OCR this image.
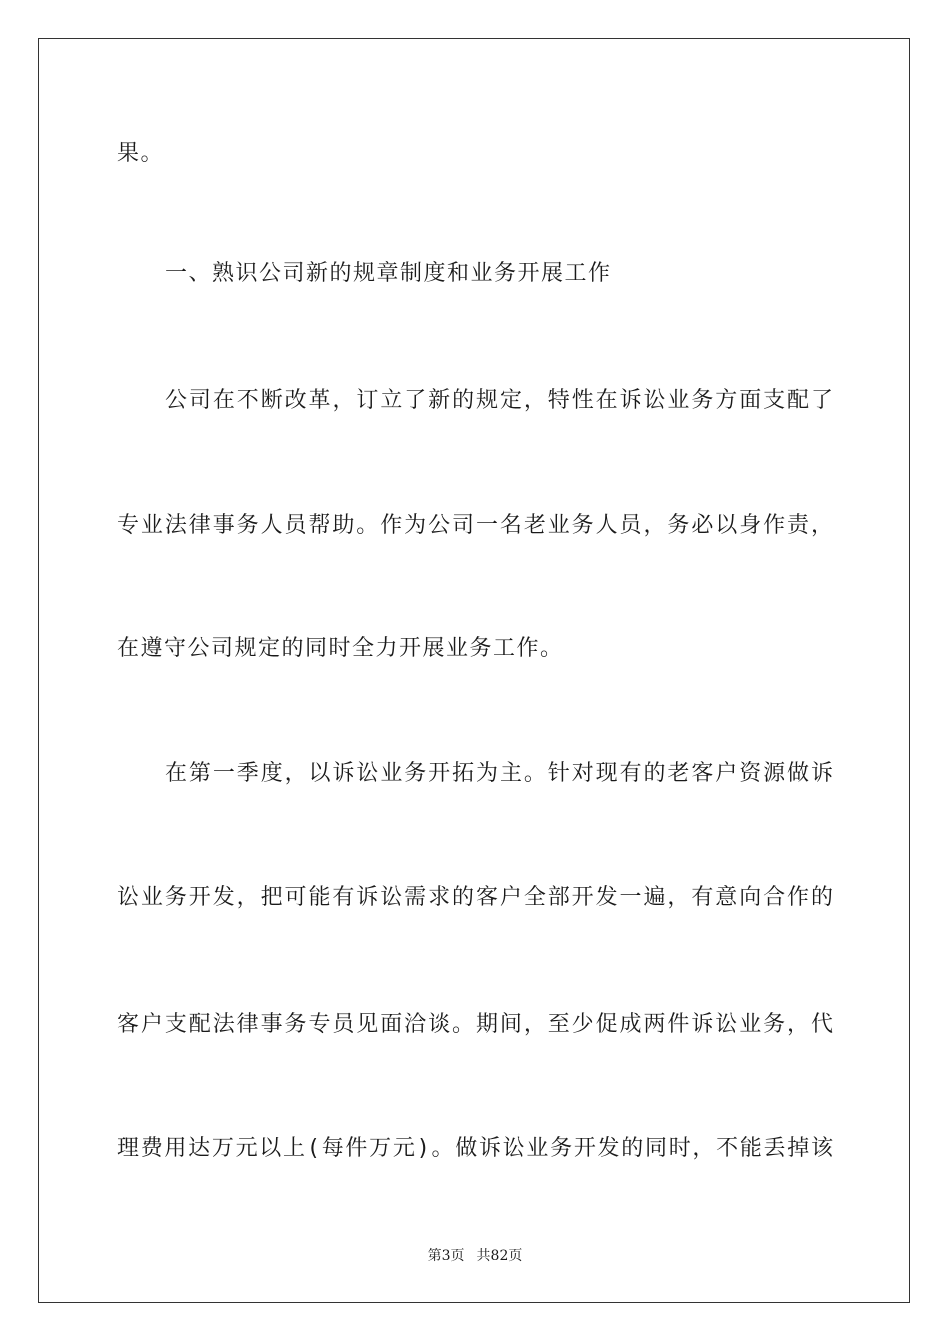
果。
一、熟识公司新的规章制度和业务开展工作
公司在不断改革，订立了新的规定，特性在诉讼业务方面支配了
专业法律事务人员帮助。作为公司一名老业务人员，务必以身作责，
在遵守公司规定的同时全力开展业务工作。
在第一季度，以诉讼业务开拓为主。针对现有的老客户资源做诉
讼业务开发，把可能有诉讼需求的客户全部开发一遍，有意向合作的
客户支配法律事务专员见面洽谈。期间，至少促成两件诉讼业务，代
理费用达万元以上(每件万元)。做诉讼业务开发的同时，不能丢掉该
第3页 共82页
